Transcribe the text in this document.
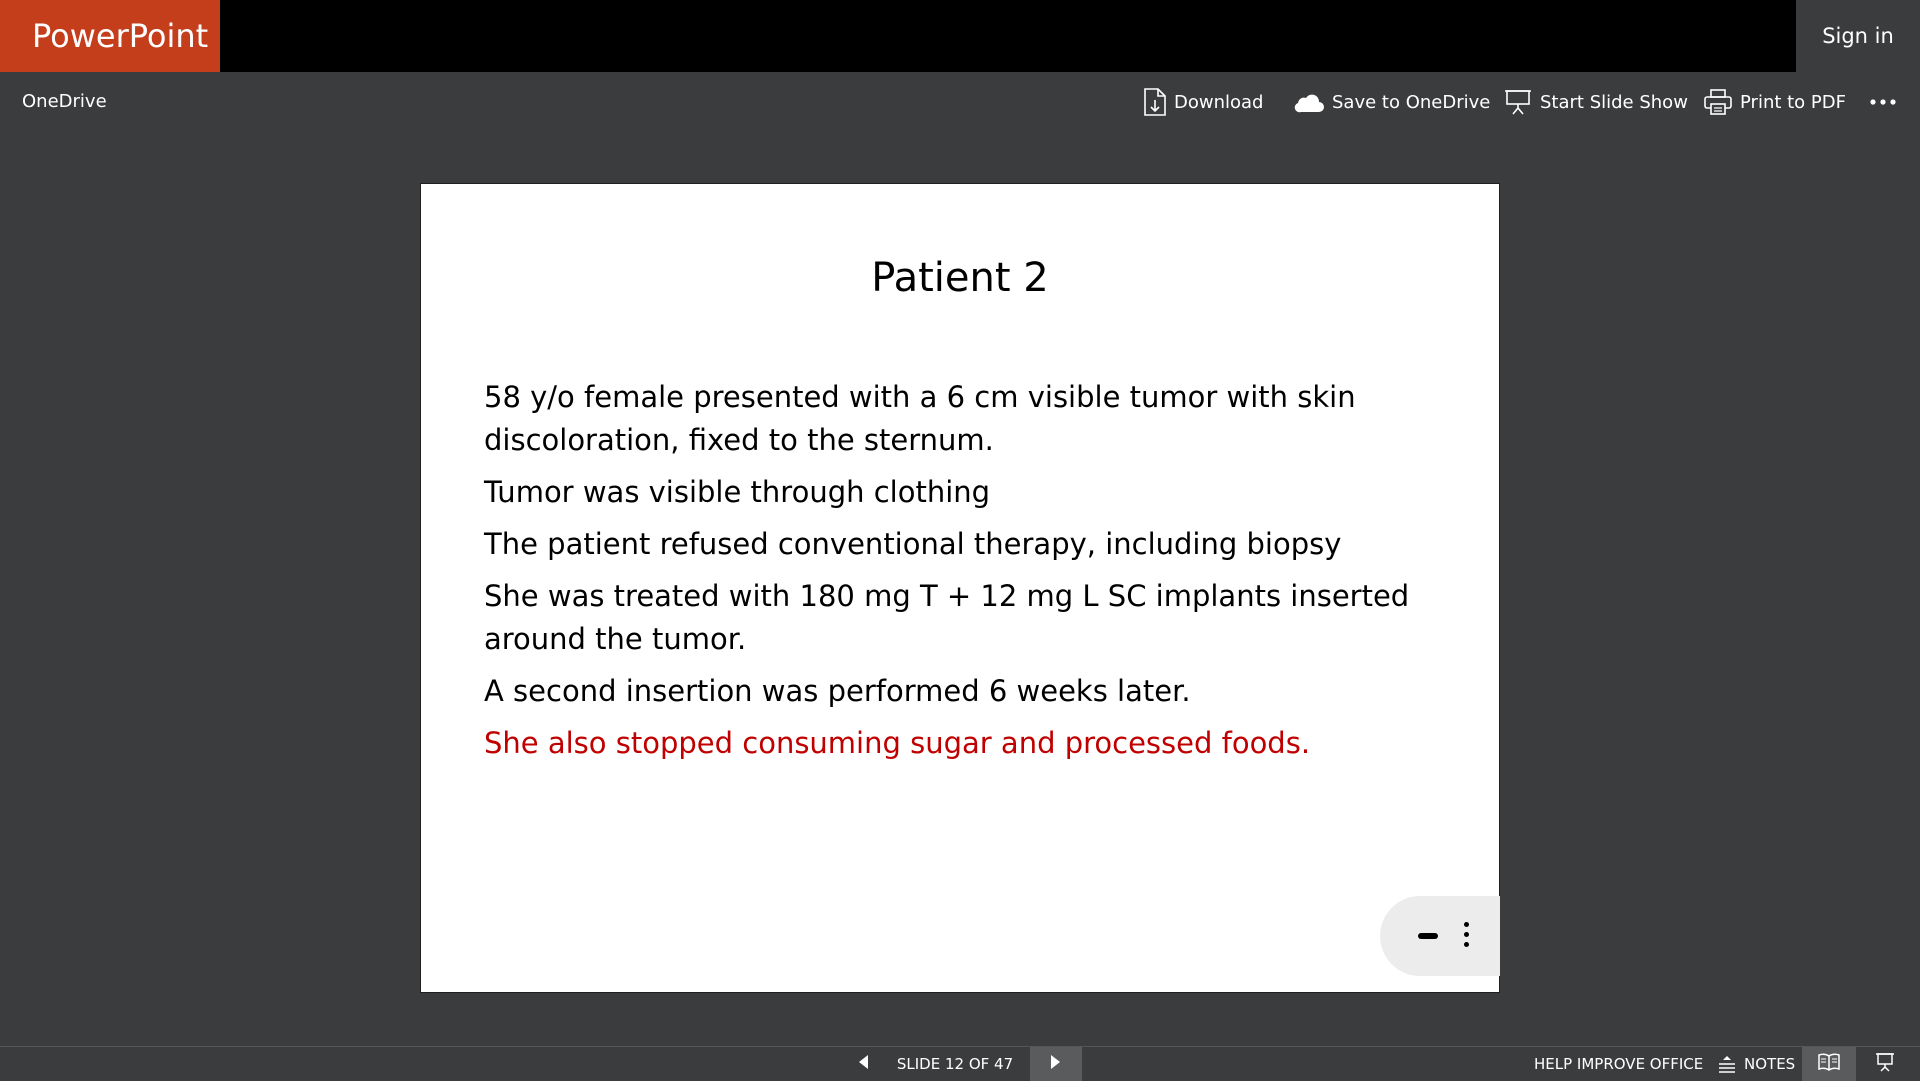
PowerPoint	Sign in
OneDrive	Download	Save to OneDrive	Start Slide Show	Print to PDF
Patient 2
58 y/o female presented with a 6 cm visible tumor with skin discoloration, fixed to the sternum.
Tumor was visible through clothing
The patient refused conventional therapy, including biopsy
She was treated with 180 mg T + 12 mg L SC implants inserted around the tumor.
A second insertion was performed 6 weeks later.
She also stopped consuming sugar and processed foods.
SLIDE 12 OF 47	HELP IMPROVE OFFICE	NOTES
